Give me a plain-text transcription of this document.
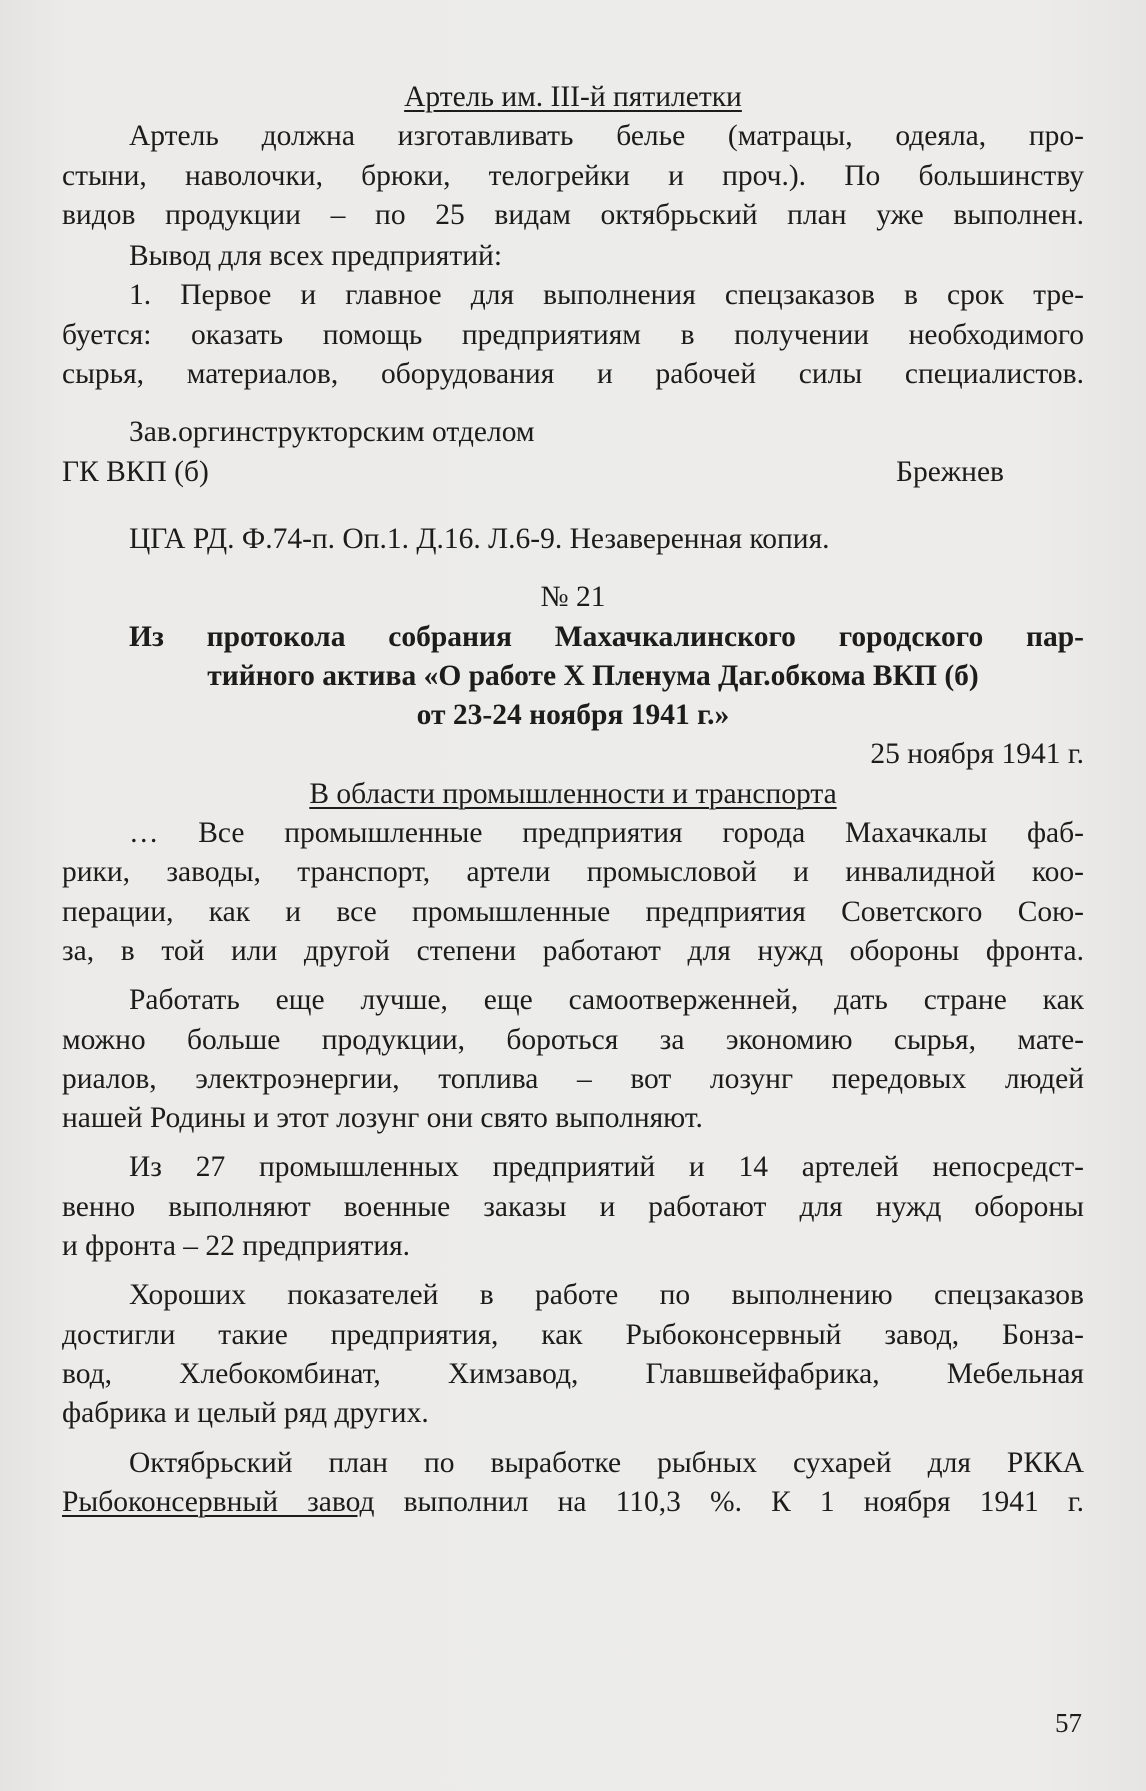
Артель им. III-й пятилетки
Артель должна изготавливать белье (матрацы, одеяла, про-
стыни, наволочки, брюки, телогрейки и проч.). По большинству
видов продукции – по 25 видам октябрьский план уже выполнен.
Вывод для всех предприятий:
1. Первое и главное для выполнения спецзаказов в срок тре-
буется: оказать помощь предприятиям в получении необходимого
сырья, материалов, оборудования и рабочей силы специалистов.
Зав.оргинструкторским отделом
ГК ВКП (б)	Брежнев
ЦГА РД. Ф.74-п. Оп.1. Д.16. Л.6-9. Незаверенная копия.
№ 21
Из протокола собрания Махачкалинского городского пар-
тийного актива «О работе Х Пленума Даг.обкома ВКП (б)
от 23-24 ноября 1941 г.»
25 ноября 1941 г.
В области промышленности и транспорта
… Все промышленные предприятия города Махачкалы фаб-
рики, заводы, транспорт, артели промысловой и инвалидной коо-
перации, как и все промышленные предприятия Советского Сою-
за, в той или другой степени работают для нужд обороны фронта.
Работать еще лучше, еще самоотверженней, дать стране как
можно больше продукции, бороться за экономию сырья, мате-
риалов, электроэнергии, топлива – вот лозунг передовых людей
нашей Родины и этот лозунг они свято выполняют.
Из 27 промышленных предприятий и 14 артелей непосредст-
венно выполняют военные заказы и работают для нужд обороны
и фронта – 22 предприятия.
Хороших показателей в работе по выполнению спецзаказов
достигли такие предприятия, как Рыбоконсервный завод, Бонза-
вод, Хлебокомбинат, Химзавод, Главшвейфабрика, Мебельная
фабрика и целый ряд других.
Октябрьский план по выработке рыбных сухарей для РККА
Рыбоконсервный завод выполнил на 110,3 %. К 1 ноября 1941 г.
57
